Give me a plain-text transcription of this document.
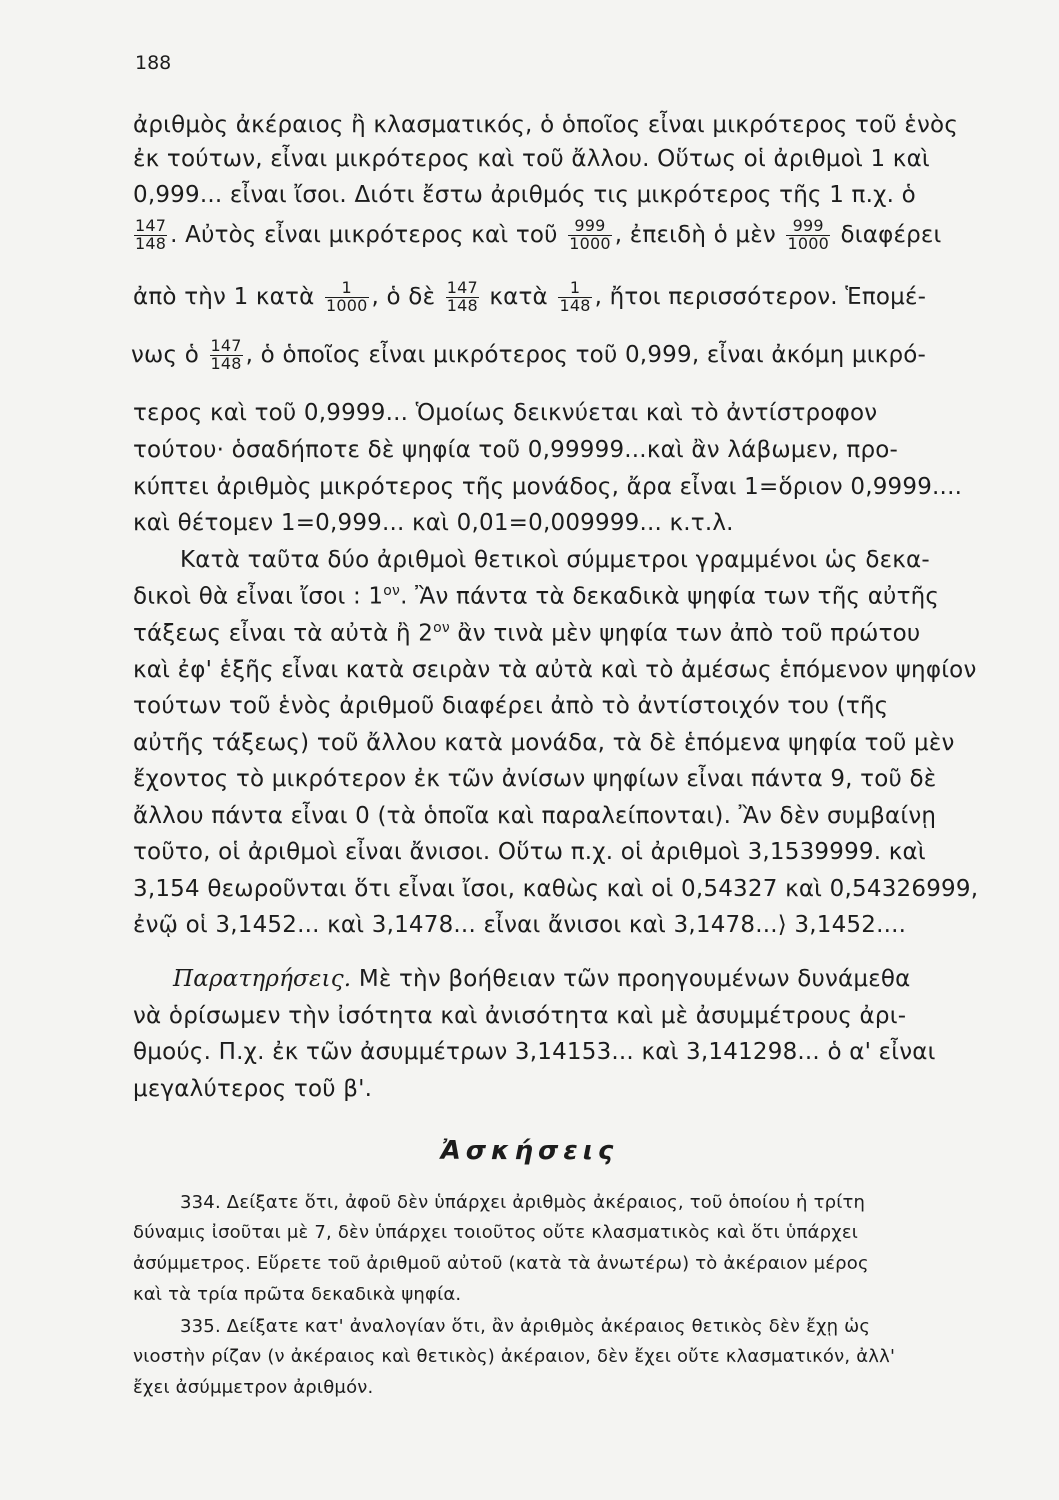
188
ἀριθμὸς ἀκέραιος ἢ κλασματικός, ὁ ὁποῖος εἶναι μικρότερος τοῦ ἑνὸς
ἐκ τούτων, εἶναι μικρότερος καὶ τοῦ ἄλλου. Οὕτως οἱ ἀριθμοὶ 1 καὶ
0,999... εἶναι ἴσοι. Διότι ἔστω ἀριθμός τις μικρότερος τῆς 1 π.χ. ὁ
$\frac{147}{148}$ . Αὐτὸς εἶναι μικρότερος καὶ τοῦ $\frac{999}{1000}$ , ἐπειδὴ ὁ μὲν $\frac{999}{1000}$ διαφέρει
ἀπὸ τὴν 1 κατὰ $\frac{1}{1000}$ , ὁ δὲ $\frac{147}{148}$ κατὰ $\frac{1}{148}$ , ἤτοι περισσότερον. Ἑπομέ-
νως ὁ $\frac{147}{148}$ , ὁ ὁποῖος εἶναι μικρότερος τοῦ 0,999, εἶναι ἀκόμη μικρό-
τερος καὶ τοῦ 0,9999... Ὁμοίως δεικνύεται καὶ τὸ ἀντίστροφον
τούτου· ὁσαδήποτε δὲ ψηφία τοῦ 0,99999...καὶ ἂν λάβωμεν, προ-
κύπτει ἀριθμὸς μικρότερος τῆς μονάδος, ἄρα εἶναι 1=ὅριον 0,9999....
καὶ θέτομεν 1=0,999... καὶ 0,01=0,009999... κ.τ.λ.
Κατὰ ταῦτα δύο ἀριθμοὶ θετικοὶ σύμμετροι γραμμένοι ὡς δεκα-
δικοὶ θὰ εἶναι ἴσοι : $1^{o\nu}$. Ἂν πάντα τὰ δεκαδικὰ ψηφία των τῆς αὐτῆς
τάξεως εἶναι τὰ αὐτὰ ἢ $2^{o\nu}$ ἂν τινὰ μὲν ψηφία των ἀπὸ τοῦ πρώτου
καὶ ἐφ' ἑξῆς εἶναι κατὰ σειρὰν τὰ αὐτὰ καὶ τὸ ἀμέσως ἑπόμενον ψηφίον
τούτων τοῦ ἑνὸς ἀριθμοῦ διαφέρει ἀπὸ τὸ ἀντίστοιχόν του (τῆς
αὐτῆς τάξεως) τοῦ ἄλλου κατὰ μονάδα, τὰ δὲ ἑπόμενα ψηφία τοῦ μὲν
ἔχοντος τὸ μικρότερον ἐκ τῶν ἀνίσων ψηφίων εἶναι πάντα 9, τοῦ δὲ
ἄλλου πάντα εἶναι 0 (τὰ ὁποῖα καὶ παραλείπονται). Ἂν δὲν συμβαίνῃ
τοῦτο, οἱ ἀριθμοὶ εἶναι ἄνισοι. Οὕτω π.χ. οἱ ἀριθμοὶ 3,1539999. καὶ
3,154 θεωροῦνται ὅτι εἶναι ἴσοι, καθὼς καὶ οἱ 0,54327 καὶ 0,54326999,
ἐνῷ οἱ 3,1452... καὶ 3,1478... εἶναι ἄνισοι καὶ 3,1478...⟩ 3,1452....
Παρατηρήσεις. Μὲ τὴν βοήθειαν τῶν προηγουμένων δυνάμεθα
νὰ ὁρίσωμεν τὴν ἰσότητα καὶ ἀνισότητα καὶ μὲ ἀσυμμέτρους ἀρι-
θμούς. Π.χ. ἐκ τῶν ἀσυμμέτρων 3,14153... καὶ 3,141298... ὁ α' εἶναι
μεγαλύτερος τοῦ β'.
Ἀσκήσεις
334. Δείξατε ὅτι, ἀφοῦ δὲν ὑπάρχει ἀριθμὸς ἀκέραιος, τοῦ ὁποίου ἡ τρίτη
δύναμις ἰσοῦται μὲ 7, δὲν ὑπάρχει τοιοῦτος οὔτε κλασματικὸς καὶ ὅτι ὑπάρχει
ἀσύμμετρος. Εὕρετε τοῦ ἀριθμοῦ αὐτοῦ (κατὰ τὰ ἀνωτέρω) τὸ ἀκέραιον μέρος
καὶ τὰ τρία πρῶτα δεκαδικὰ ψηφία.
335. Δείξατε κατ' ἀναλογίαν ὅτι, ἂν ἀριθμὸς ἀκέραιος θετικὸς δὲν ἔχῃ ὡς
νιοστὴν ρίζαν (ν ἀκέραιος καὶ θετικὸς) ἀκέραιον, δὲν ἔχει οὔτε κλασματικόν, ἀλλ'
ἔχει ἀσύμμετρον ἀριθμόν.
